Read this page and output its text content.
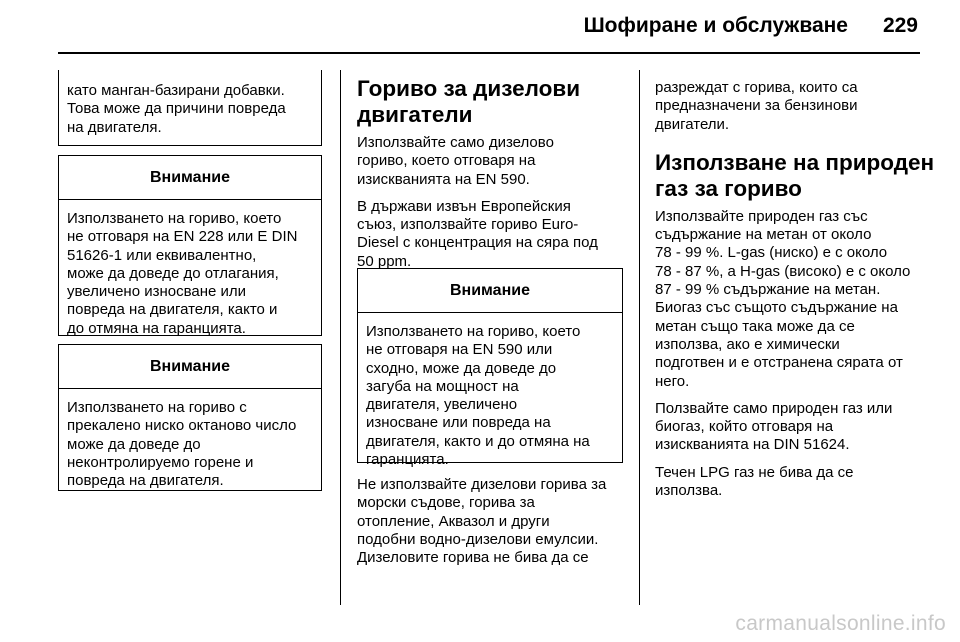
Шофиране и обслужване 229
като манган-базирани добавки.
Това може да причини повреда
на двигателя.
Внимание
Използването на гориво, което
не отговаря на EN 228 или E DIN
51626-1 или еквивалентно,
може да доведе до отлагания,
увеличено износване или
повреда на двигателя, както и
до отмяна на гаранцията.
Внимание
Използването на гориво с
прекалено ниско октаново число
може да доведе до
неконтролируемо горене и
повреда на двигателя.
Гориво за дизелови
двигатели
Използвайте само дизелово
гориво, което отговаря на
изискванията на EN 590.
В държави извън Европейския
съюз, използвайте гориво Euro-
Diesel с концентрация на сяра под
50 ppm.
Внимание
Използването на гориво, което
не отговаря на EN 590 или
сходно, може да доведе до
загуба на мощност на
двигателя, увеличено
износване или повреда на
двигателя, както и до отмяна на
гаранцията.
Не използвайте дизелови горива за
морски съдове, горива за
отопление, Аквазол и други
подобни водно-дизелови емулсии.
Дизеловите горива не бива да се
разреждат с горива, които са
предназначени за бензинови
двигатели.
Използване на природен
газ за гориво
Използвайте природен газ със
съдържание на метан от около
78 - 99 %. L-gas (ниско) е с около
78 - 87 %, а H-gas (високо) е с около
87 - 99 % съдържание на метан.
Биогаз със същото съдържание на
метан също така може да се
използва, ако е химически
подготвен и е отстранена сярата от
него.
Ползвайте само природен газ или
биогаз, който отговаря на
изискванията на DIN 51624.
Течен LPG газ не бива да се
използва.
carmanualsonline.info
